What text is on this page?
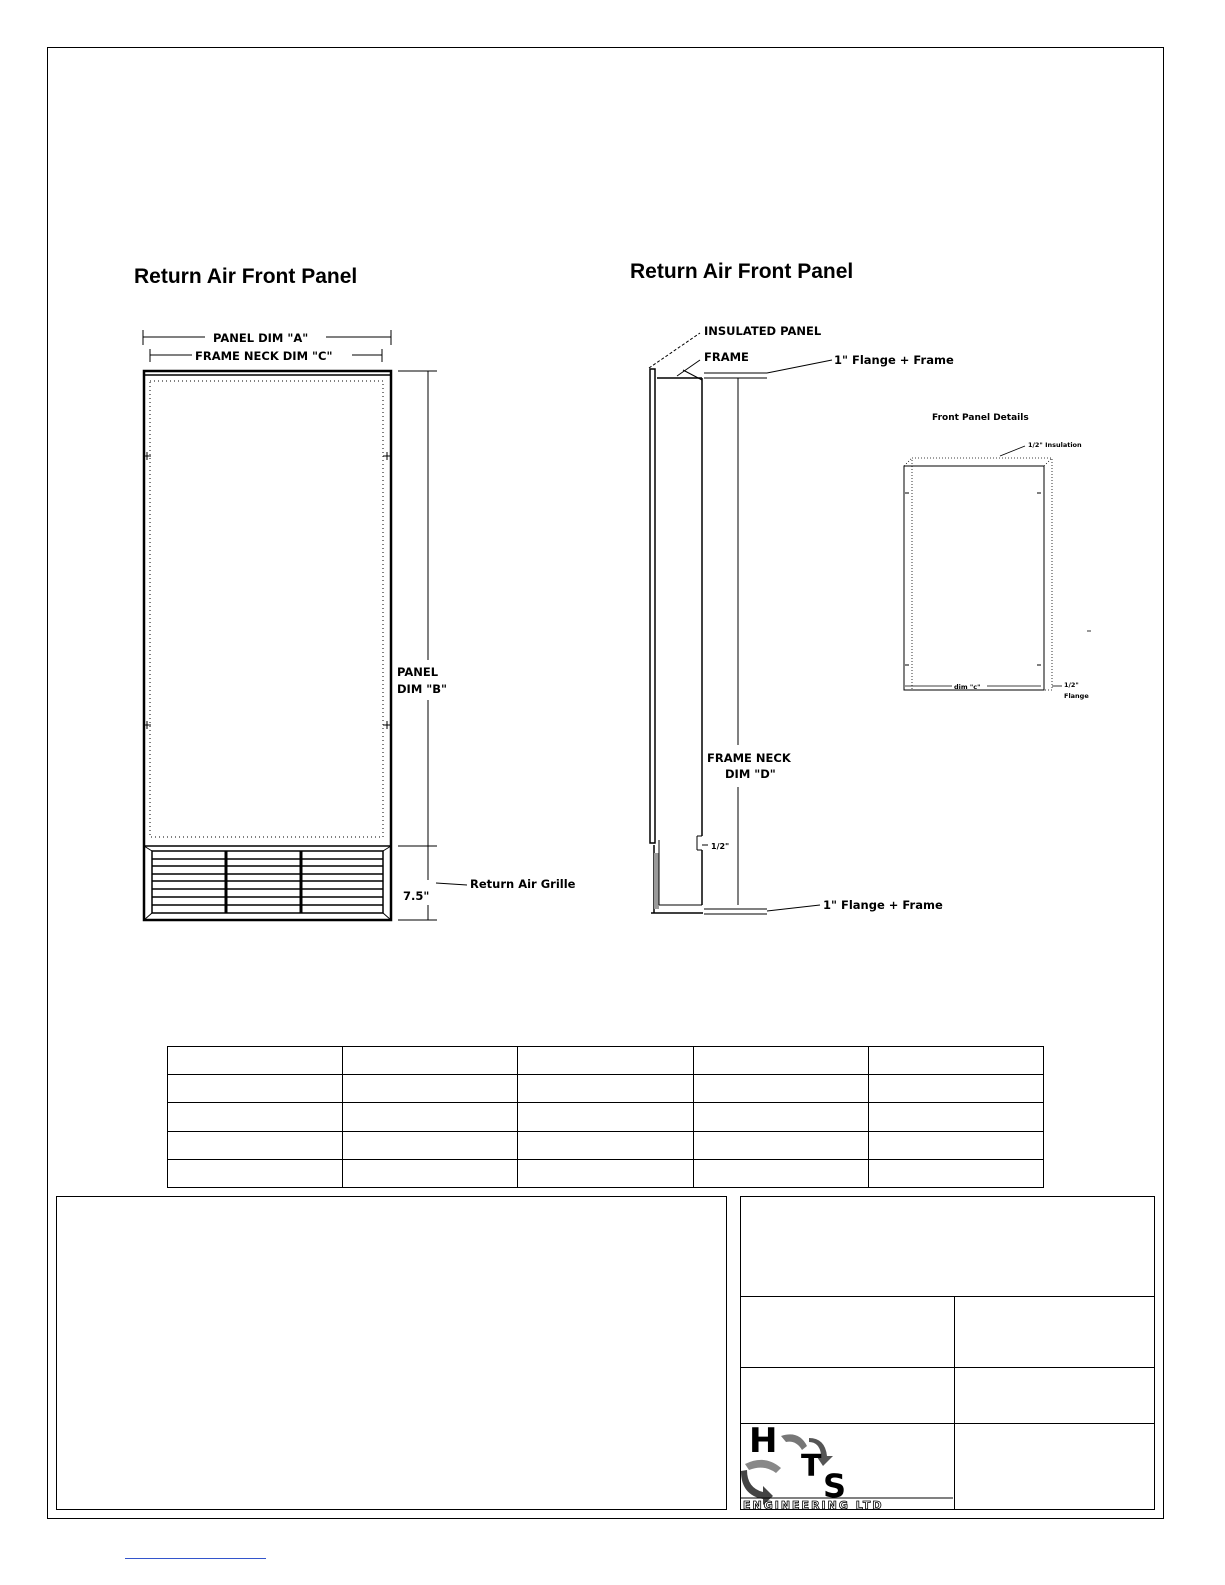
Return Air Front Panel	Return Air Front Panel
PANEL DIM "A"
FRAME NECK DIM "C"
PANEL
DIM "B"
7.5"
Return Air Grille
INSULATED PANEL
FRAME	1" Flange + Frame
FRAME NECK
DIM "D"
1/2"
1" Flange + Frame
Front Panel Details
1/2" Insulation
dim "c"	1/2"
Flange

H
T
S
ENGINEERING LTD
